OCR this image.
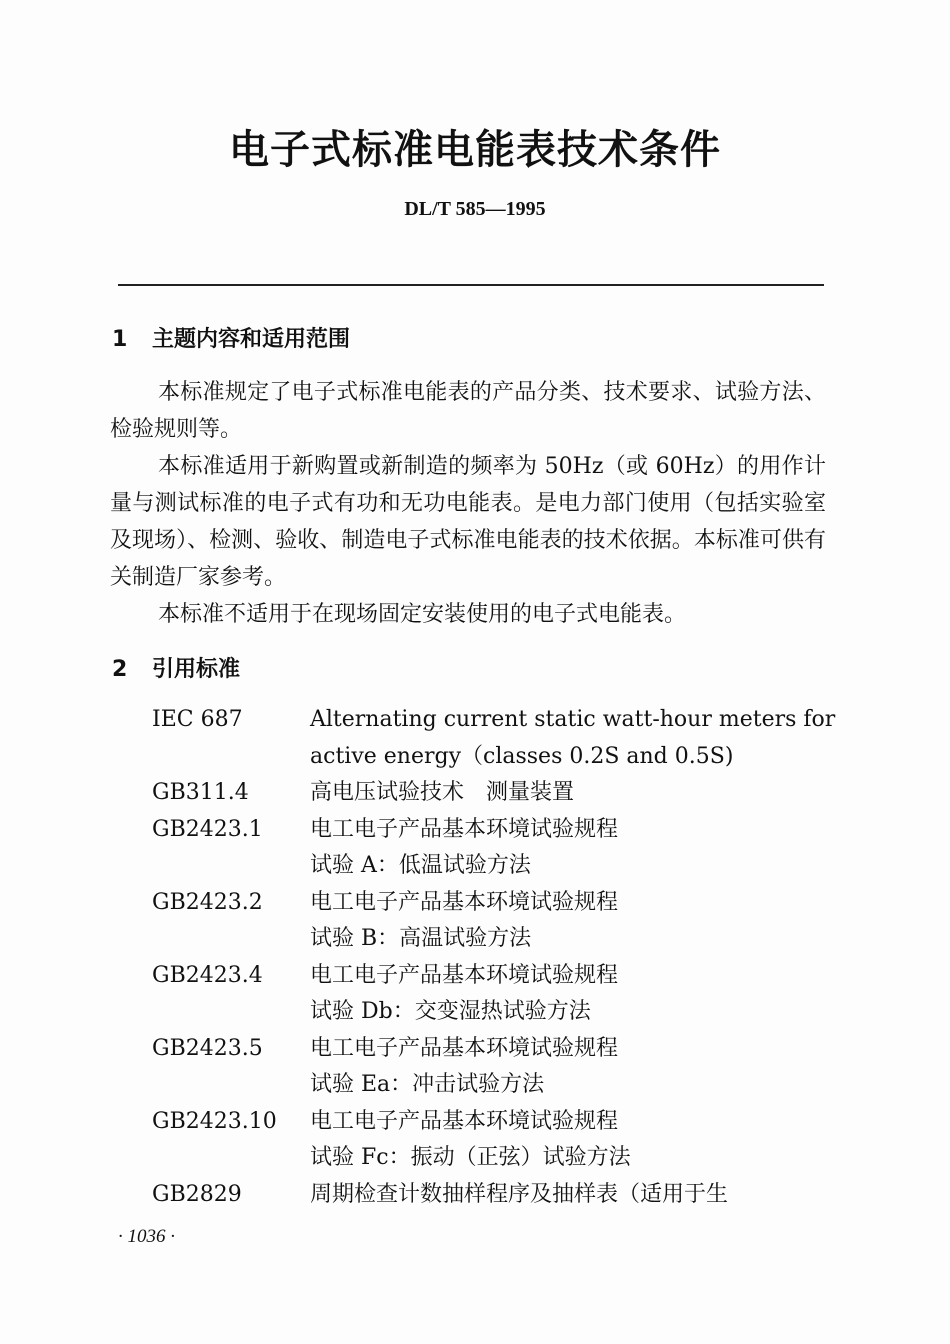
电子式标准电能表技术条件
DL/T 585—1995
1 主题内容和适用范围
本标准规定了电子式标准电能表的产品分类、技术要求、试验方法、检验规则等。
本标准适用于新购置或新制造的频率为 50Hz（或 60Hz）的用作计量与测试标准的电子式有功和无功电能表。是电力部门使用（包括实验室及现场）、检测、验收、制造电子式标准电能表的技术依据。本标准可供有关制造厂家参考。
本标准不适用于在现场固定安装使用的电子式电能表。
2 引用标准
IEC 687	Alternating current static watt-hour meters for
active energy（classes 0.2S and 0.5S)
GB311.4	高电压试验技术　测量装置
GB2423.1	电工电子产品基本环境试验规程
试验 A：低温试验方法
GB2423.2	电工电子产品基本环境试验规程
试验 B：高温试验方法
GB2423.4	电工电子产品基本环境试验规程
试验 Db：交变湿热试验方法
GB2423.5	电工电子产品基本环境试验规程
试验 Ea：冲击试验方法
GB2423.10	电工电子产品基本环境试验规程
试验 Fc：振动（正弦）试验方法
GB2829	周期检查计数抽样程序及抽样表（适用于生
· 1036 ·
